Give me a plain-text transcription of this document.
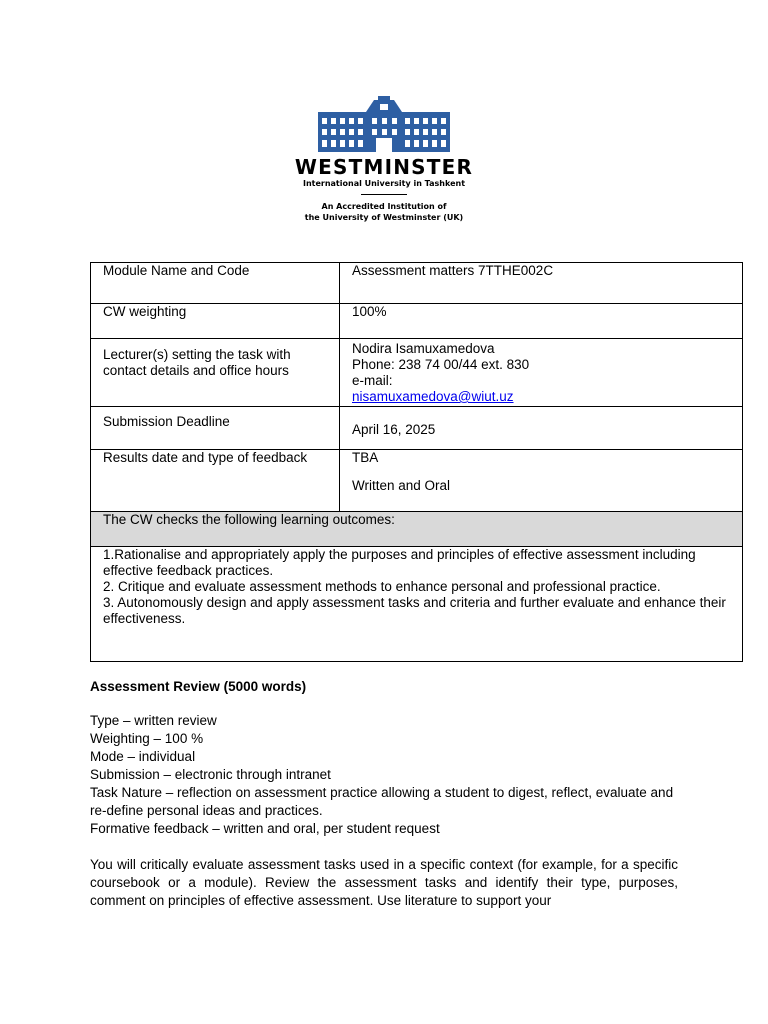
WESTMINSTER
International University in Tashkent
An Accredited Institution of
the University of Westminster (UK)
Module Name and Code	Assessment matters 7TTHE002C
CW weighting	100%
Lecturer(s) setting the task with contact details and office hours	Nodira Isamuxamedova
Phone: 238 74 00/44 ext. 830
e-mail:
nisamuxamedova@wiut.uz

Submission Deadline	April 16, 2025
Results date and type of feedback	TBA
Written and Oral

The CW checks the following learning outcomes:	

1.Rationalise and appropriately apply the purposes and principles of effective assessment including effective feedback practices.
2. Critique and evaluate assessment methods to enhance personal and professional practice.
3. Autonomously design and apply assessment tasks and criteria and further evaluate and enhance their effectiveness.	
Assessment Review (5000 words)
Type – written review
Weighting – 100 %
Mode – individual
Submission – electronic through intranet
Task Nature – reflection on assessment practice allowing a student to digest, reflect, evaluate and re-define personal ideas and practices.
Formative feedback – written and oral, per student request
You will critically evaluate assessment tasks used in a specific context (for example, for a specific coursebook or a module). Review the assessment tasks and identify their type, purposes, comment on principles of effective assessment. Use literature to support your
